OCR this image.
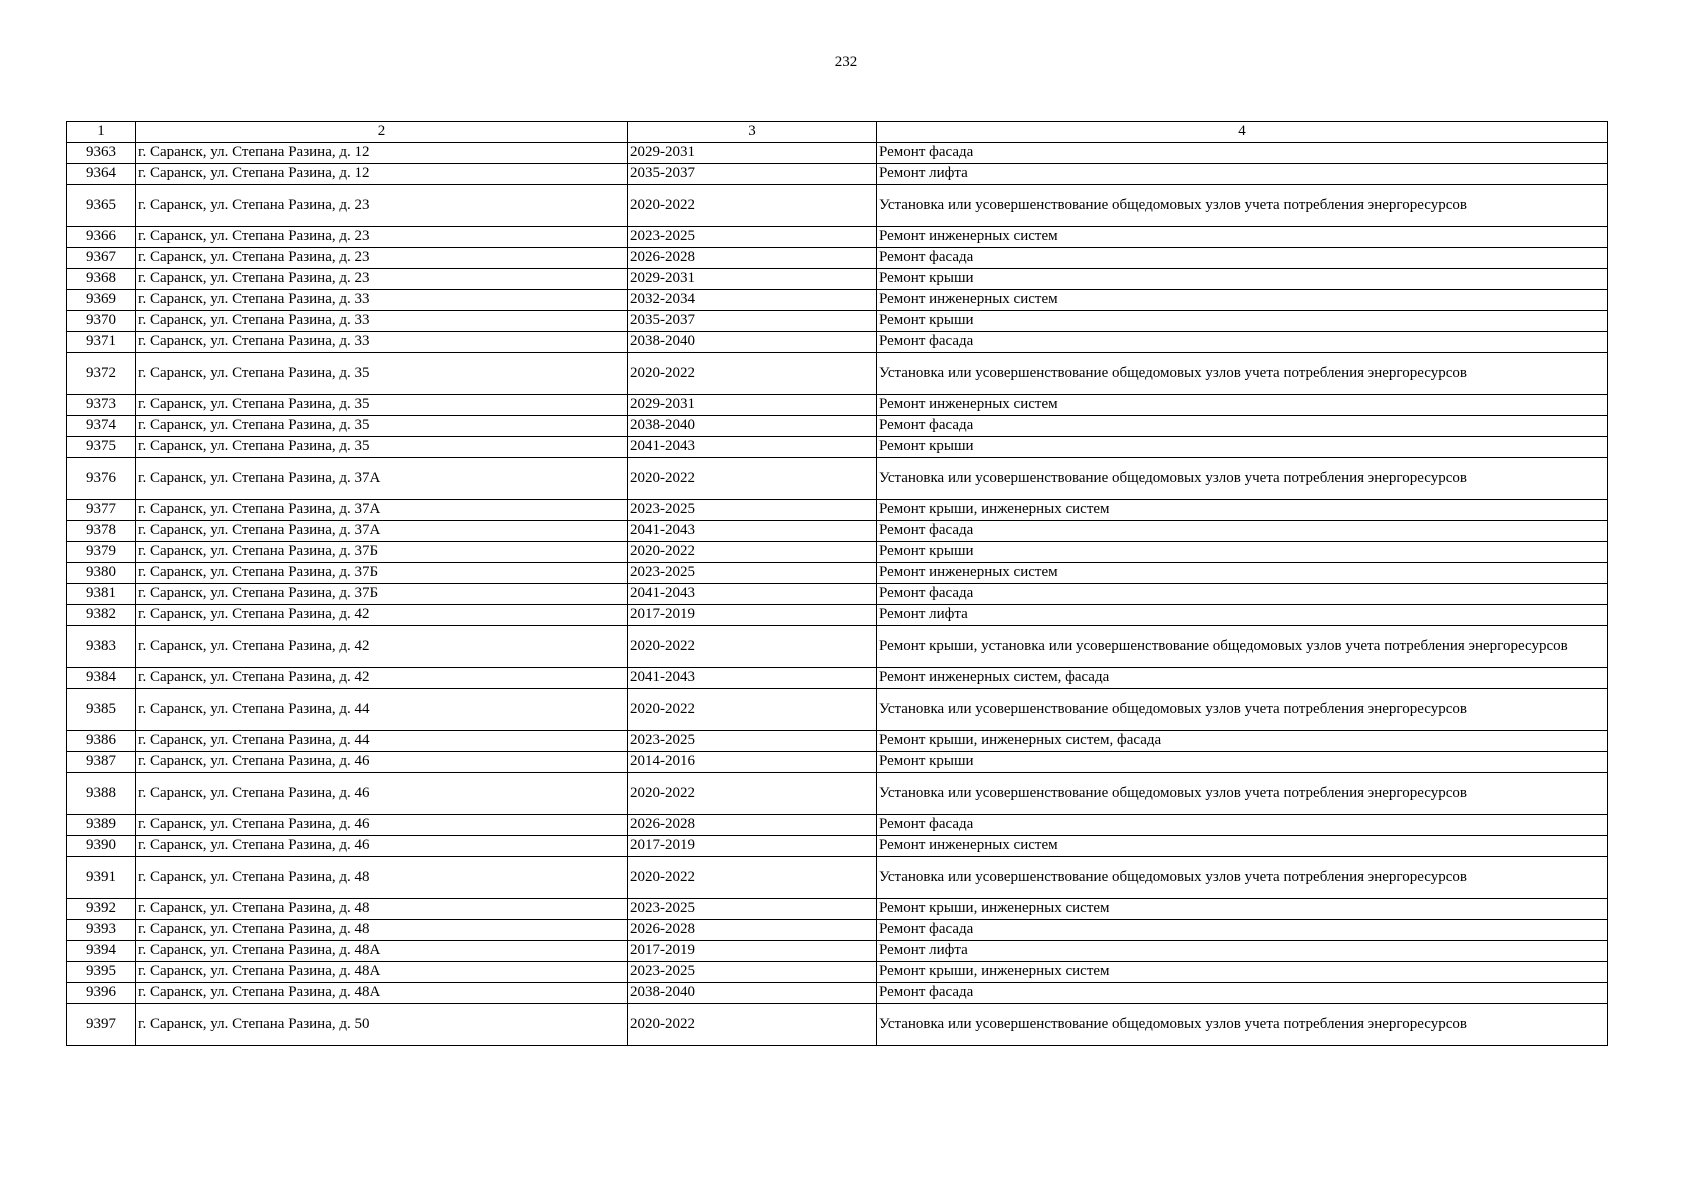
232
1	2	3	4
9363	г. Саранск, ул. Степана Разина, д. 12	2029-2031	Ремонт фасада
9364	г. Саранск, ул. Степана Разина, д. 12	2035-2037	Ремонт лифта
9365	г. Саранск, ул. Степана Разина, д. 23	2020-2022	Установка или усовершенствование общедомовых узлов учета потребления энергоресурсов
9366	г. Саранск, ул. Степана Разина, д. 23	2023-2025	Ремонт инженерных систем
9367	г. Саранск, ул. Степана Разина, д. 23	2026-2028	Ремонт фасада
9368	г. Саранск, ул. Степана Разина, д. 23	2029-2031	Ремонт крыши
9369	г. Саранск, ул. Степана Разина, д. 33	2032-2034	Ремонт инженерных систем
9370	г. Саранск, ул. Степана Разина, д. 33	2035-2037	Ремонт крыши
9371	г. Саранск, ул. Степана Разина, д. 33	2038-2040	Ремонт фасада
9372	г. Саранск, ул. Степана Разина, д. 35	2020-2022	Установка или усовершенствование общедомовых узлов учета потребления энергоресурсов
9373	г. Саранск, ул. Степана Разина, д. 35	2029-2031	Ремонт инженерных систем
9374	г. Саранск, ул. Степана Разина, д. 35	2038-2040	Ремонт фасада
9375	г. Саранск, ул. Степана Разина, д. 35	2041-2043	Ремонт крыши
9376	г. Саранск, ул. Степана Разина, д. 37А	2020-2022	Установка или усовершенствование общедомовых узлов учета потребления энергоресурсов
9377	г. Саранск, ул. Степана Разина, д. 37А	2023-2025	Ремонт крыши, инженерных систем
9378	г. Саранск, ул. Степана Разина, д. 37А	2041-2043	Ремонт фасада
9379	г. Саранск, ул. Степана Разина, д. 37Б	2020-2022	Ремонт крыши
9380	г. Саранск, ул. Степана Разина, д. 37Б	2023-2025	Ремонт инженерных систем
9381	г. Саранск, ул. Степана Разина, д. 37Б	2041-2043	Ремонт фасада
9382	г. Саранск, ул. Степана Разина, д. 42	2017-2019	Ремонт лифта
9383	г. Саранск, ул. Степана Разина, д. 42	2020-2022	Ремонт крыши, установка или усовершенствование общедомовых узлов учета потребления энергоресурсов
9384	г. Саранск, ул. Степана Разина, д. 42	2041-2043	Ремонт инженерных систем, фасада
9385	г. Саранск, ул. Степана Разина, д. 44	2020-2022	Установка или усовершенствование общедомовых узлов учета потребления энергоресурсов
9386	г. Саранск, ул. Степана Разина, д. 44	2023-2025	Ремонт крыши, инженерных систем, фасада
9387	г. Саранск, ул. Степана Разина, д. 46	2014-2016	Ремонт крыши
9388	г. Саранск, ул. Степана Разина, д. 46	2020-2022	Установка или усовершенствование общедомовых узлов учета потребления энергоресурсов
9389	г. Саранск, ул. Степана Разина, д. 46	2026-2028	Ремонт фасада
9390	г. Саранск, ул. Степана Разина, д. 46	2017-2019	Ремонт инженерных систем
9391	г. Саранск, ул. Степана Разина, д. 48	2020-2022	Установка или усовершенствование общедомовых узлов учета потребления энергоресурсов
9392	г. Саранск, ул. Степана Разина, д. 48	2023-2025	Ремонт крыши, инженерных систем
9393	г. Саранск, ул. Степана Разина, д. 48	2026-2028	Ремонт фасада
9394	г. Саранск, ул. Степана Разина, д. 48А	2017-2019	Ремонт лифта
9395	г. Саранск, ул. Степана Разина, д. 48А	2023-2025	Ремонт крыши, инженерных систем
9396	г. Саранск, ул. Степана Разина, д. 48А	2038-2040	Ремонт фасада
9397	г. Саранск, ул. Степана Разина, д. 50	2020-2022	Установка или усовершенствование общедомовых узлов учета потребления энергоресурсов
